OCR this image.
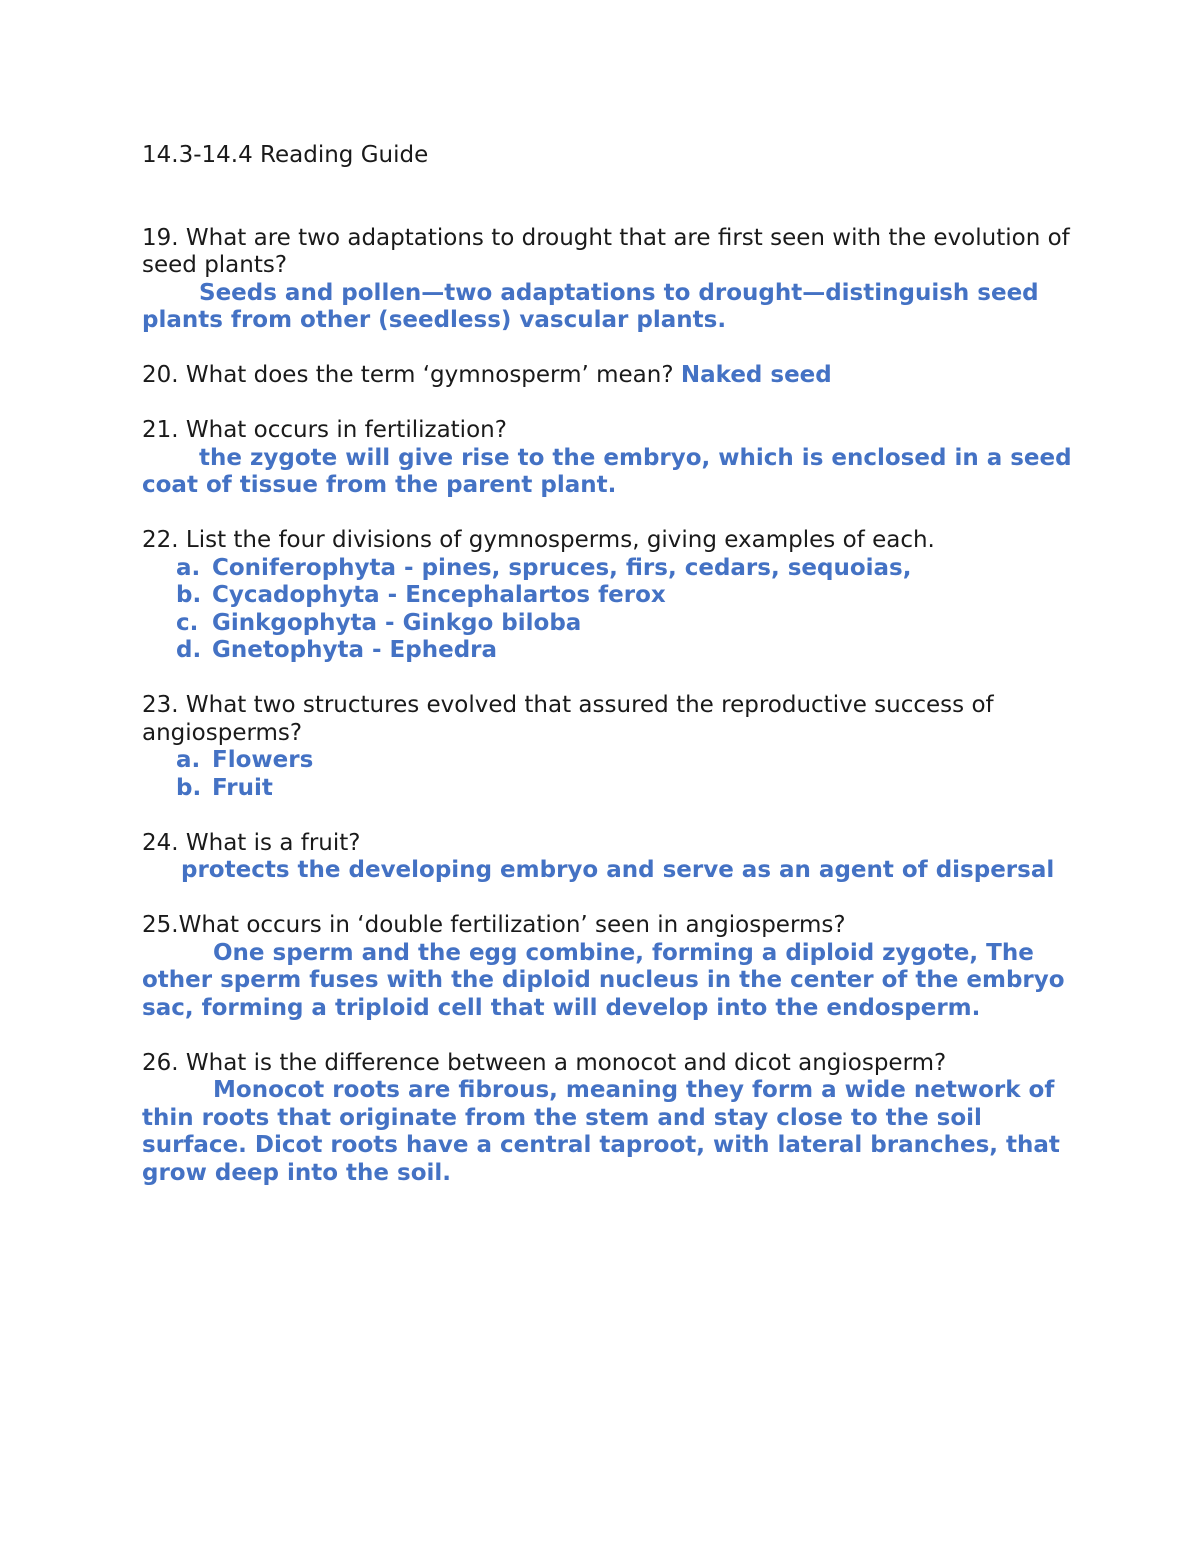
14.3-14.4 Reading Guide

19. What are two adaptations to drought that are first seen with the evolution of seed plants?

Seeds and pollen—two adaptations to drought—distinguish seed plants from other (seedless) vascular plants.

20. What does the term ‘gymnosperm’ mean? Naked seed

21. What occurs in fertilization?

the zygote will give rise to the embryo, which is enclosed in a seed coat of tissue from the parent plant.

22. List the four divisions of gymnosperms, giving examples of each.

a. Coniferophyta - pines, spruces, firs, cedars, sequoias,
b. Cycadophyta - Encephalartos ferox
c. Ginkgophyta - Ginkgo biloba
d. Gnetophyta - Ephedra

23. What two structures evolved that assured the reproductive success of angiosperms?

a. Flowers
b. Fruit

24. What is a fruit?

protects the developing embryo and serve as an agent of dispersal

25.What occurs in ‘double fertilization’ seen in angiosperms?

One sperm and the egg combine, forming a diploid zygote, The other sperm fuses with the diploid nucleus in the center of the embryo sac, forming a triploid cell that will develop into the endosperm.

26. What is the difference between a monocot and dicot angiosperm?

Monocot roots are fibrous, meaning they form a wide network of thin roots that originate from the stem and stay close to the soil surface. Dicot roots have a central taproot, with lateral branches, that grow deep into the soil.
